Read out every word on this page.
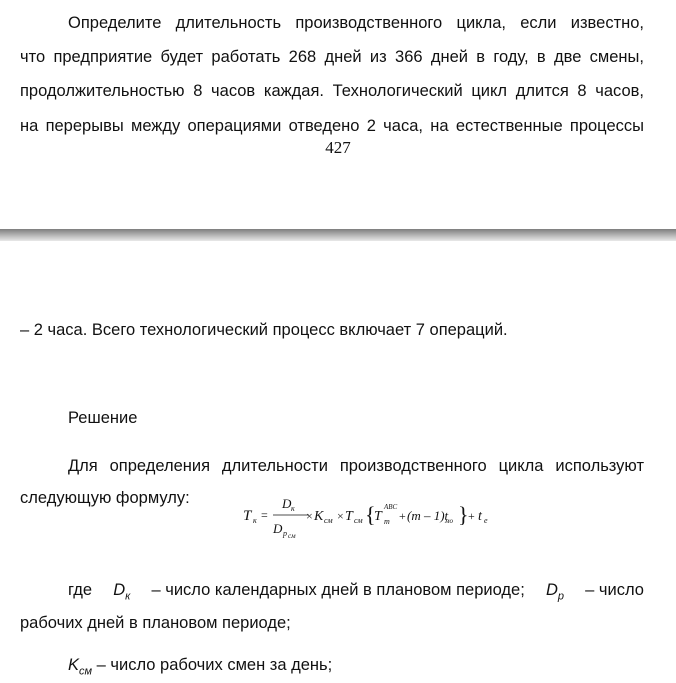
Определите длительность производственного цикла, если известно,
что предприятие будет работать 268 дней из 366 дней в году, в две смены,
продолжительностью 8 часов каждая. Технологический цикл длится 8 часов,
на перерывы между операциями отведено 2 часа, на естественные процессы
427
– 2 часа. Всего технологический процесс включает 7 операций.
Решение
Для определения длительности производственного цикла используют
следующую формулу:
T к =
D к
D р см
× K см × T см {
T m
ABC
+ (m – 1)t
мо } + t е
где $D_к$ – число календарных дней в плановом периоде; $D_р$ – число
рабочих дней в плановом периоде;
$K_{см}$ – число рабочих смен за день;
